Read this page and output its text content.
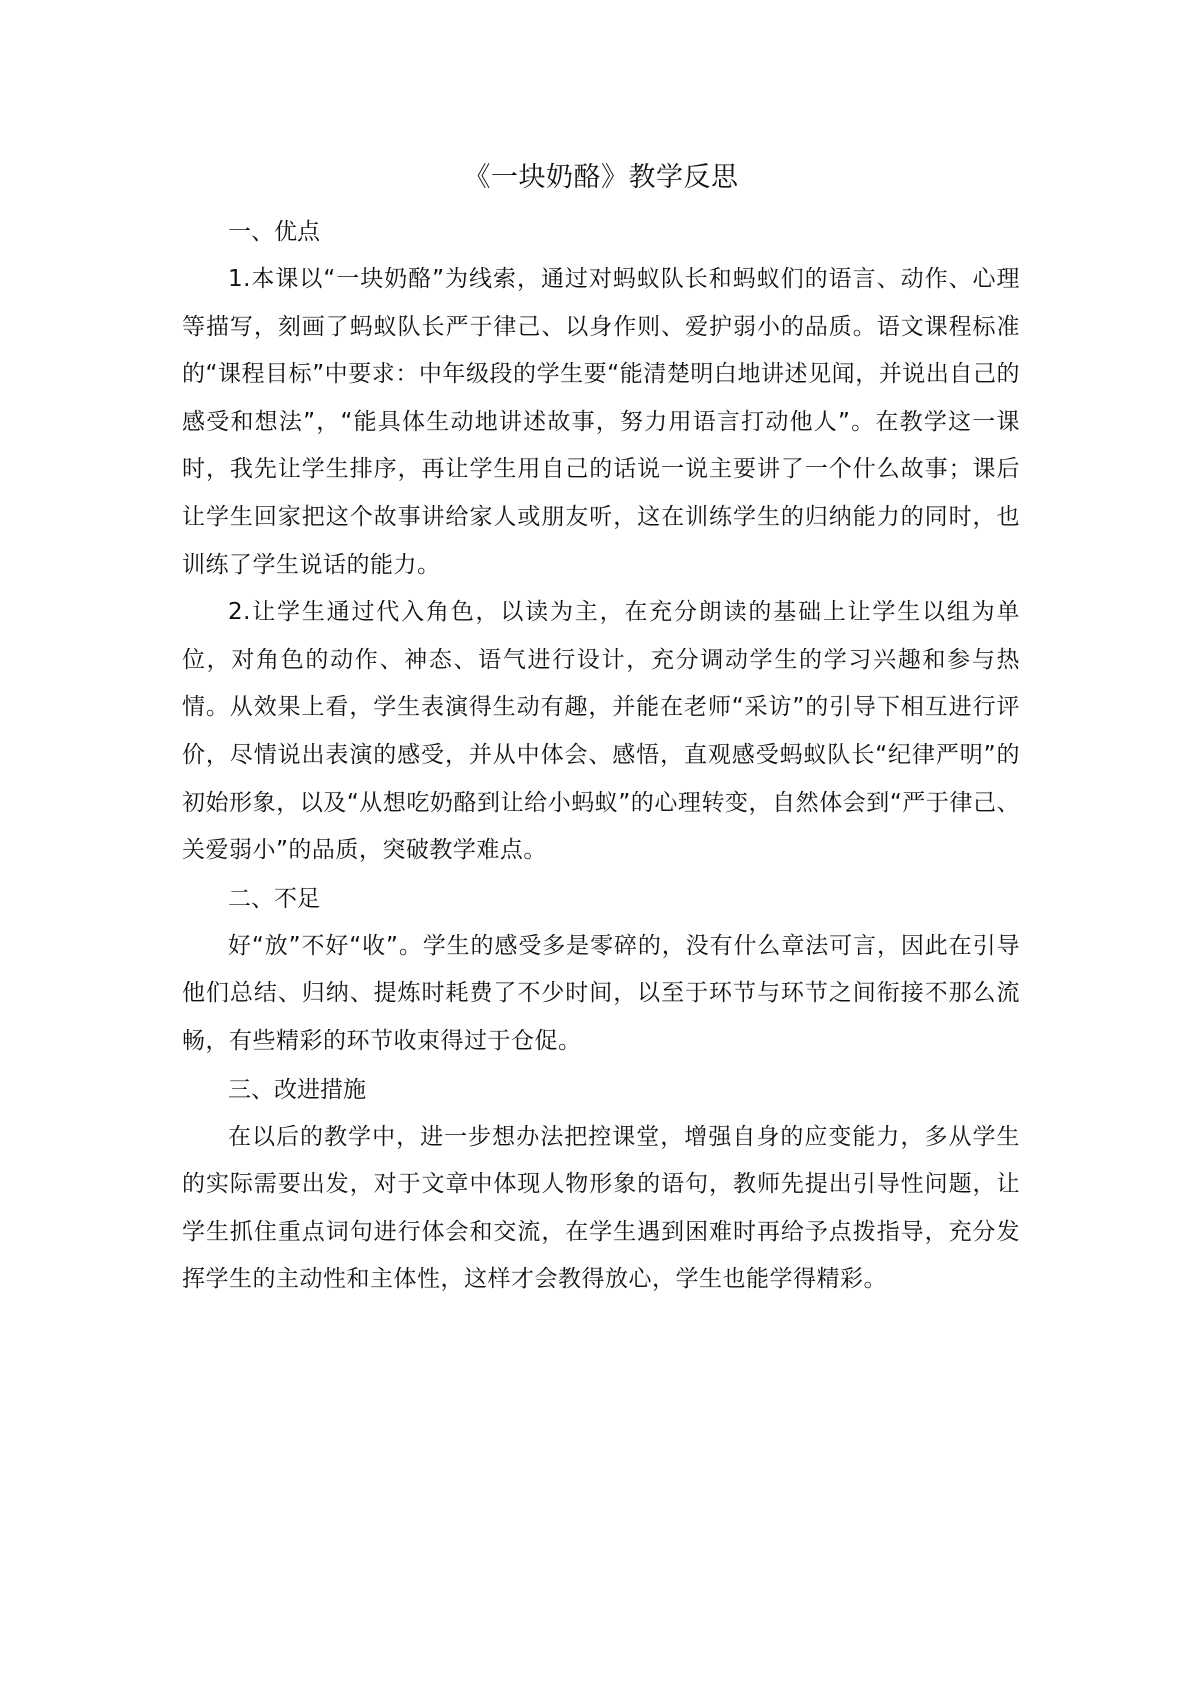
《一块奶酪》教学反思
一、优点

1.本课以“一块奶酪”为线索，通过对蚂蚁队长和蚂蚁们的语言、动作、心理等描写，刻画了蚂蚁队长严于律己、以身作则、爱护弱小的品质。语文课程标准的“课程目标”中要求：中年级段的学生要“能清楚明白地讲述见闻，并说出自己的感受和想法”，“能具体生动地讲述故事，努力用语言打动他人”。在教学这一课时，我先让学生排序，再让学生用自己的话说一说主要讲了一个什么故事；课后让学生回家把这个故事讲给家人或朋友听，这在训练学生的归纳能力的同时，也训练了学生说话的能力。

2.让学生通过代入角色，以读为主，在充分朗读的基础上让学生以组为单位，对角色的动作、神态、语气进行设计，充分调动学生的学习兴趣和参与热情。从效果上看，学生表演得生动有趣，并能在老师“采访”的引导下相互进行评价，尽情说出表演的感受，并从中体会、感悟，直观感受蚂蚁队长“纪律严明”的初始形象，以及“从想吃奶酪到让给小蚂蚁”的心理转变，自然体会到“严于律己、关爱弱小”的品质，突破教学难点。

二、不足

好“放”不好“收”。学生的感受多是零碎的，没有什么章法可言，因此在引导他们总结、归纳、提炼时耗费了不少时间，以至于环节与环节之间衔接不那么流畅，有些精彩的环节收束得过于仓促。

三、改进措施

在以后的教学中，进一步想办法把控课堂，增强自身的应变能力，多从学生的实际需要出发，对于文章中体现人物形象的语句，教师先提出引导性问题，让学生抓住重点词句进行体会和交流，在学生遇到困难时再给予点拨指导，充分发挥学生的主动性和主体性，这样才会教得放心，学生也能学得精彩。
